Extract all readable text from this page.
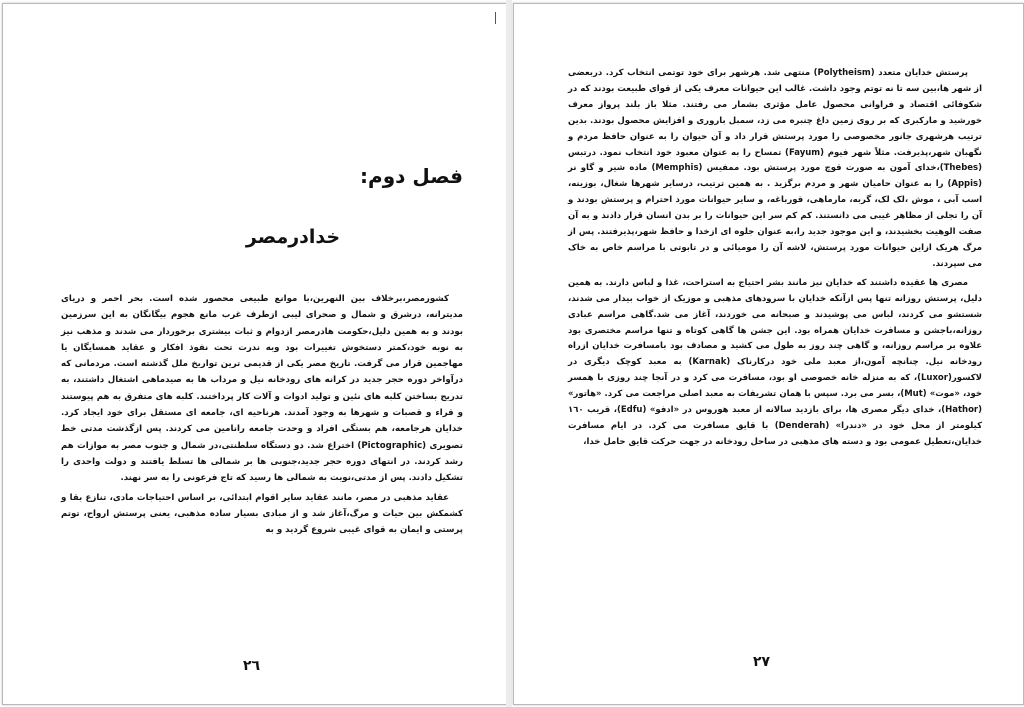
فصل دوم:
خدادرمصر

کشورمصر،برخلاف بین النهرین،با موانع طبیعی محصور شده است. بحر احمر و دریای مدیترانه، درشرق و شمال و صحرای لیبی ازطرف غرب مانع هجوم بیگانگان به این سرزمین بودند و به همین دلیل،حکومت هادرمصر ازدوام و ثبات بیشتری برخوردار می شدند و مذهب نیز به نوبه خود،کمتر دستخوش تغییرات بود وبه ندرت تحت نفوذ افکار و عقاید همسایگان یا مهاجمین قرار می گرفت. تاریخ مصر یکی از قدیمی ترین تواریخ ملل گذشته است. مردمانی که درآواخر دوره حجر جدید در کرانه های رودخانه نیل و مرداب ها به صیدماهی اشتغال داشتند، به تدریج بساختن کلبه های نئین و تولید ادوات و آلات کار پرداختند. کلبه های متفرق به هم پیوستند و قراء و قصبات و شهرها به وجود آمدند. هرناحیه ای، جامعه ای مستقل برای خود ایجاد کرد. خدایان هرجامعه، هم بستگی افراد و وحدت جامعه رانامین می کردند. پس ازگذشت مدتی خط تصویری (Pictographic) اختراع شد. دو دستگاه سلطنتی،در شمال و جنوب مصر به موازات هم رشد کردند. در انتهای دوره حجر جدید،جنوبی ها بر شمالی ها تسلط یافتند و دولت واحدی را تشکیل دادند. پس از مدتی،نوبت به شمالی ها رسید که تاج فرعونی را به سر نهند.

عقاید مذهبی در مصر، مانند عقاید سایر اقوام ابتدائی، بر اساس احتیاجات مادی، تنازع بقا و کشمکش بین حیات و مرگ،آغاز شد و از مبادی بسیار ساده مذهبی، یعنی پرستش ارواح، توتم پرستی و ایمان به قوای غیبی شروع گردید و به

٢٦

پرستش خدایان متعدد (Polytheism) منتهی شد. هرشهر برای خود توتمی انتخاب کرد. دربعضی از شهر ها،بین سه تا نه توتم وجود داشت. غالب این حیوانات معرف یکی از قوای طبیعت بودند که در شکوفائی اقتصاد و فراوانی محصول عامل مؤثری بشمار می رفتند. مثلا باز بلند پرواز معرف خورشید و مارکبری که بر روی زمین داغ چنبره می زد، سمبل باروری و افزایش محصول بودند. بدین ترتیب هرشهری جانور مخصوصی را مورد پرستش قرار داد و آن حیوان را به عنوان حافظ مردم و نگهبان شهر،پذیرفت. مثلاً شهر فیوم (Fayum) تمساح را به عنوان معبود خود انتخاب نمود. درتبس (Thebes)،خدای آمون به صورت قوچ مورد پرستش بود. ممفیس (Memphis) ماده شیر و گاو نر (Appis) را به عنوان حامیان شهر و مردم برگزید . به همین ترتیب، درسایر شهرها شغال، بوزینه، اسب آبی ، موش ،لک لک، گربه، مارماهی، قورباغه، و سایر حیوانات مورد احترام و پرستش بودند و آن را تجلی از مظاهر غیبی می دانستند. کم کم سر این حیوانات را بر بدن انسان قرار دادند و به آن صفت الوهیت بخشیدند، و این موجود جدید را،به عنوان جلوه ای ازخدا و حافظ شهر،پذیرفتند. پس از مرگ هریک ازاین حیوانات مورد پرستش، لاشه آن را مومیائی و در تابوتی با مراسم خاص به خاک می سپردند.

مصری ها عقیده داشتند که خدایان نیز مانند بشر احتیاج به استراحت، غذا و لباس دارند. به همین دلیل، پرستش روزانه تنها پس ازآنکه خدایان با سرودهای مذهبی و موزیک از خواب بیدار می شدند، شستشو می کردند، لباس می پوشیدند و صبحانه می خوردند، آغاز می شد.گاهی مراسم عبادی روزانه،باجشن و مسافرت خدایان همراه بود. این جشن ها گاهی کوتاه و تنها مراسم مختصری بود علاوه بر مراسم روزانه، و گاهی چند روز به طول می کشید و مصادف بود بامسافرت خدایان ازراه رودخانه نیل. چنانچه آمون،از معبد ملی خود درکارناک (Karnak) به معبد کوچک دیگری در لاکسور(Luxor)، که به منزله خانه خصوصی او بود، مسافرت می کرد و در آنجا چند روزی با همسر خود، «موت» (Mut)، بسر می برد. سپس با همان تشریفات به معبد اصلی مراجعت می کرد. «هاتور» (Hathor)، خدای دیگر مصری ها، برای بازدید سالانه از معبد هوروس در «ادفو» (Edfu)، قریب ١٦٠ کیلومتر از محل خود در «دندرا» (Denderah) با قایق مسافرت می کرد. در ایام مسافرت خدایان،تعطیل عمومی بود و دسته های مذهبی در ساحل رودخانه در جهت حرکت قایق حامل خدا،

٢٧
